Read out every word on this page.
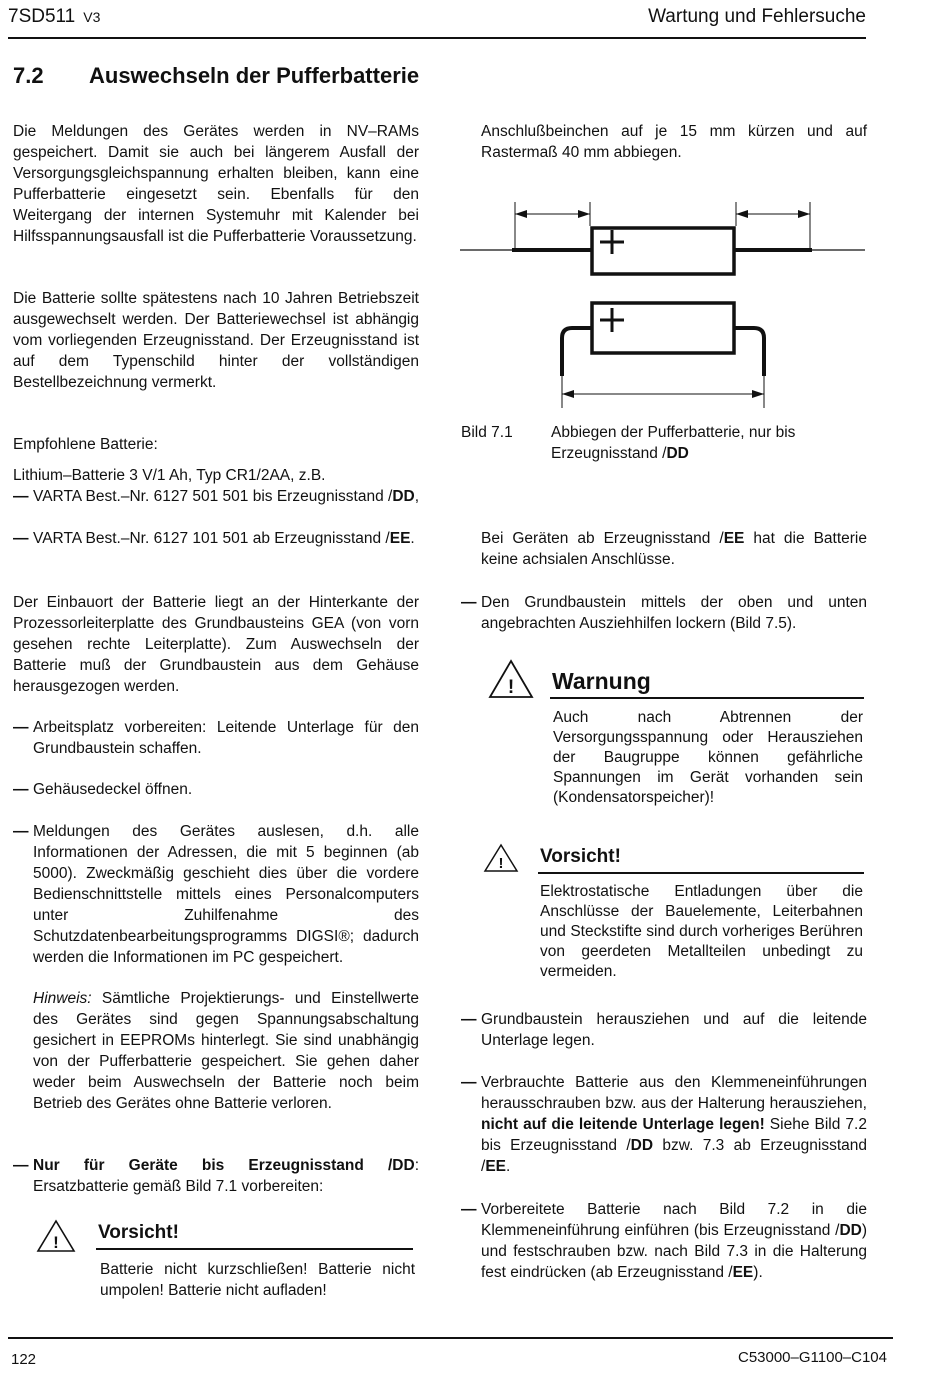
7SD511 V3	Wartung und Fehlersuche
7.2 Auswechseln der Pufferbatterie
Die Meldungen des Gerätes werden in NV–RAMs gespeichert. Damit sie auch bei längerem Ausfall der Versorgungsgleichspannung erhalten bleiben, kann eine Pufferbatterie eingesetzt sein. Ebenfalls für den Weitergang der internen Systemuhr mit Kalender bei Hilfsspannungsausfall ist die Pufferbatterie Voraussetzung.
Die Batterie sollte spätestens nach 10 Jahren Betriebszeit ausgewechselt werden. Der Batteriewechsel ist abhängig vom vorliegenden Erzeugnisstand. Der Erzeugnisstand ist auf dem Typenschild hinter der vollständigen Bestellbezeichnung vermerkt.
Empfohlene Batterie:
Lithium–Batterie 3 V/1 Ah, Typ CR1/2AA, z.B.
— VARTA Best.–Nr. 6127 501 501 bis Erzeugnisstand /DD,
— VARTA Best.–Nr. 6127 101 501 ab Erzeugnisstand /EE.
Der Einbauort der Batterie liegt an der Hinterkante der Prozessorleiterplatte des Grundbausteins GEA (von vorn gesehen rechte Leiterplatte). Zum Auswechseln der Batterie muß der Grundbaustein aus dem Gehäuse herausgezogen werden.
— Arbeitsplatz vorbereiten: Leitende Unterlage für den Grundbaustein schaffen.
— Gehäusedeckel öffnen.
— Meldungen des Gerätes auslesen, d.h. alle Informationen der Adressen, die mit 5 beginnen (ab 5000). Zweckmäßig geschieht dies über die vordere Bedienschnittstelle mittels eines Personalcomputers unter Zuhilfenahme des Schutzdatenbearbeitungsprogramms DIGSI®; dadurch werden die Informationen im PC gespeichert.
Hinweis: Sämtliche Projektierungs- und Einstellwerte des Gerätes sind gegen Spannungsabschaltung gesichert in EEPROMs hinterlegt. Sie sind unabhängig von der Pufferbatterie gespeichert. Sie gehen daher weder beim Auswechseln der Batterie noch beim Betrieb des Gerätes ohne Batterie verloren.
— Nur für Geräte bis Erzeugnisstand /DD: Ersatzbatterie gemäß Bild 7.1 vorbereiten:
! Vorsicht!
Batterie nicht kurzschließen! Batterie nicht umpolen! Batterie nicht aufladen!
Anschlußbeinchen auf je 15 mm kürzen und auf Rastermaß 40 mm abbiegen.
Bild 7.1	Abbiegen der Pufferbatterie, nur bis Erzeugnisstand /DD
Bei Geräten ab Erzeugnisstand /EE hat die Batterie keine achsialen Anschlüsse.
— Den Grundbaustein mittels der oben und unten angebrachten Ausziehhilfen lockern (Bild 7.5).
! Warnung
Auch nach Abtrennen der Versorgungsspannung oder Herausziehen der Baugruppe können gefährliche Spannungen im Gerät vorhanden sein (Kondensatorspeicher)!
! Vorsicht!
Elektrostatische Entladungen über die Anschlüsse der Bauelemente, Leiterbahnen und Steckstifte sind durch vorheriges Berühren von geerdeten Metallteilen unbedingt zu vermeiden.
— Grundbaustein herausziehen und auf die leitende Unterlage legen.
— Verbrauchte Batterie aus den Klemmeneinführungen herausschrauben bzw. aus der Halterung herausziehen, nicht auf die leitende Unterlage legen! Siehe Bild 7.2 bis Erzeugnisstand /DD bzw. 7.3 ab Erzeugnisstand /EE.
— Vorbereitete Batterie nach Bild 7.2 in die Klemmeneinführung einführen (bis Erzeugnisstand /DD) und festschrauben bzw. nach Bild 7.3 in die Halterung fest eindrücken (ab Erzeugnisstand /EE).
122	C53000–G1100–C104
